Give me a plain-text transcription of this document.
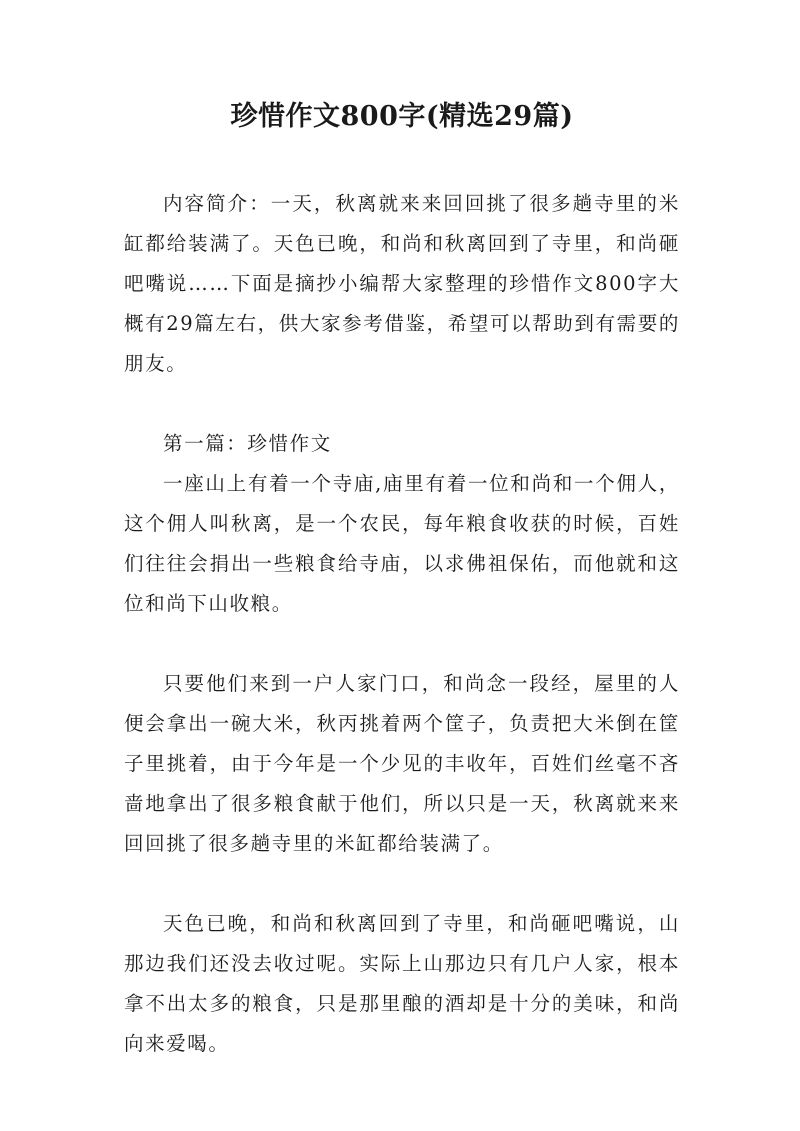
珍惜作文800字(精选29篇)

内容简介：一天，秋离就来来回回挑了很多趟寺里的米缸都给装满了。天色已晚，和尚和秋离回到了寺里，和尚砸吧嘴说……下面是摘抄小编帮大家整理的珍惜作文800字大概有29篇左右，供大家参考借鉴，希望可以帮助到有需要的朋友。

第一篇：珍惜作文

一座山上有着一个寺庙,庙里有着一位和尚和一个佣人，这个佣人叫秋离，是一个农民，每年粮食收获的时候，百姓们往往会捐出一些粮食给寺庙，以求佛祖保佑，而他就和这位和尚下山收粮。

只要他们来到一户人家门口，和尚念一段经，屋里的人便会拿出一碗大米，秋丙挑着两个筐子，负责把大米倒在筐子里挑着，由于今年是一个少见的丰收年，百姓们丝毫不吝啬地拿出了很多粮食献于他们，所以只是一天，秋离就来来回回挑了很多趟寺里的米缸都给装满了。

天色已晚，和尚和秋离回到了寺里，和尚砸吧嘴说，山那边我们还没去收过呢。实际上山那边只有几户人家，根本拿不出太多的粮食，只是那里酿的酒却是十分的美味，和尚向来爱喝。
